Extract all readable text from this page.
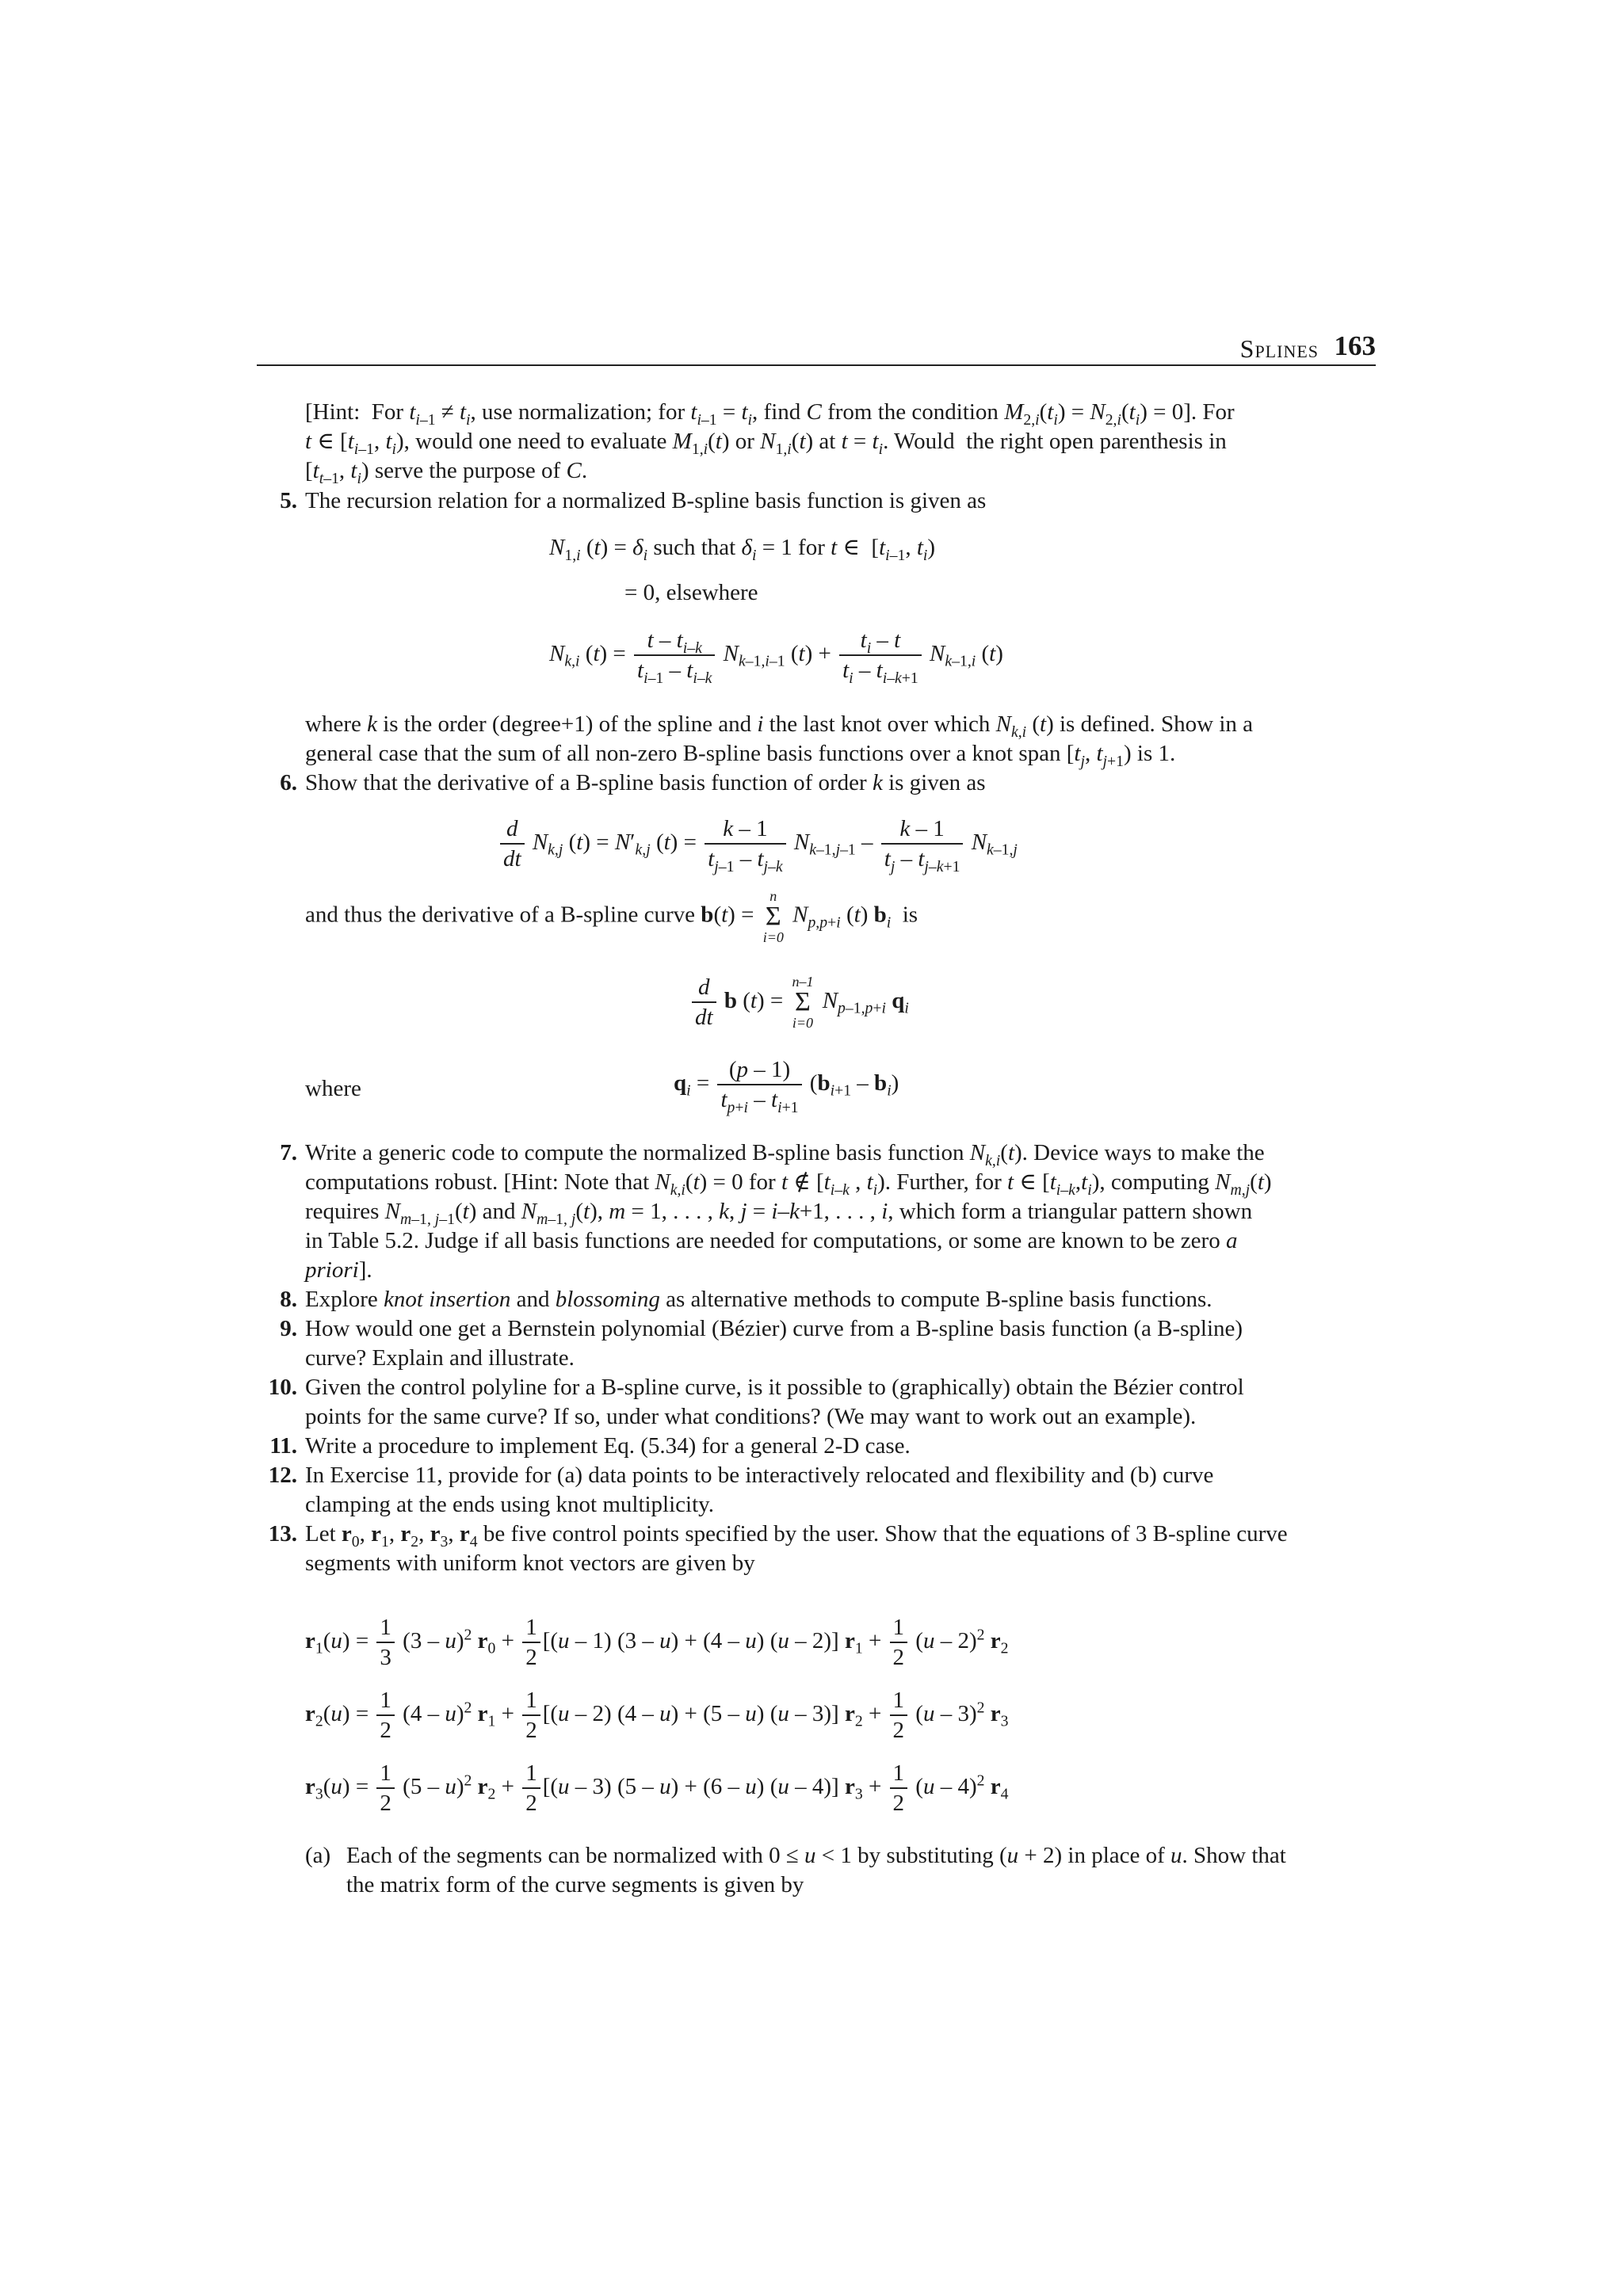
Splines 163
[Hint:  For $t_{i-1} \ne t_i$, use normalization; for $t_{i-1} = t_i$, find C from the condition $M_{2,i}(t_i) = N_{2,i}(t_i) = 0$]. For
t ∈ [$t_{i-1}$, $t_i$), would one need to evaluate $M_{1,i}(t)$ or $N_{1,i}(t)$ at $t = t_i$. Would  the right open parenthesis in
[$t_{t-1}$, $t_i$) serve the purpose of C.
5. The recursion relation for a normalized B-spline basis function is given as
$N_{1,i}$ $(t) = \delta_i$ such that $\delta_i = 1$ for t ∈  [$t_{i-1}$, $t_i$)
= 0, elsewhere
$N_{k,i}$ $(t) = \frac{t - t_{i-k}}{t_{i-1} - t_{i-k}} N_{k-1,i-1}$ $(t) + \frac{t_i - t}{t_i - t_{i-k+1}} N_{k-1,i}$ (t)
where k is the order (degree+1) of the spline and i the last knot over which $N_{k,i}$ (t) is defined. Show in a
general case that the sum of all non-zero B-spline basis functions over a knot span [$t_j$, $t_{j+1}$) is 1.
6. Show that the derivative of a B-spline basis function of order k is given as
$\frac{d}{dt} N_{k,j}$ $(t) = N'_{k,j}$ $(t) = \frac{k - 1}{t_{j-1} - t_{j-k}} N_{k-1,j-1} - \frac{k - 1}{t_j - t_{j-k+1}} N_{k-1,j}$
and thus the derivative of a B-spline curve b(t) =
n
Σ
i=0
$N_{p,p+i}$ (t) $b_i$  is
$\frac{d}{dt}$ b (t) =
n–1
Σ
i=0
$N_{p-1,p+i}$ $q_i$
where	$q_i = \frac{(p - 1)}{t_{p+i} - t_{i+1}} (b_{i+1} - b_i)$
7. Write a generic code to compute the normalized B-spline basis function $N_{k,i}(t)$. Device ways to make the
computations robust. [Hint: Note that $N_{k,i}(t) = 0$ for t ∉ [$t_{i-k}$ , $t_i$). Further, for t ∈ $[t_{i-k},t_i)$, computing $N_{m,j}(t)$
requires $N_{m-1, j-1}(t)$ and $N_{m-1, j}(t)$, m = 1, . . . , k, j = i–k+1, . . . , i, which form a triangular pattern shown
in Table 5.2. Judge if all basis functions are needed for computations, or some are known to be zero a
priori].
8. Explore knot insertion and blossoming as alternative methods to compute B-spline basis functions.
9. How would one get a Bernstein polynomial (Bézier) curve from a B-spline basis function (a B-spline)
curve? Explain and illustrate.
10. Given the control polyline for a B-spline curve, is it possible to (graphically) obtain the Bézier control
points for the same curve? If so, under what conditions? (We may want to work out an example).
11. Write a procedure to implement Eq. (5.34) for a general 2-D case.
12. In Exercise 11, provide for (a) data points to be interactively relocated and flexibility and (b) curve
clamping at the ends using knot multiplicity.
13. Let $r_0$, $r_1$, $r_2$, $r_3$, $r_4$ be five control points specified by the user. Show that the equations of 3 B-spline curve
segments with uniform knot vectors are given by
$r_1(u) = \frac{1}{3} (3 - u)^2$ $r_0 + \frac{1}{2} [(u - 1)$ (3 – u) + (4 – u) (u – 2)] $r_1 + \frac{1}{2} (u - 2)^2$ $r_2$
$r_2(u) = \frac{1}{2} (4 - u)^2$ $r_1 + \frac{1}{2} [(u - 2)$ (4 – u) + (5 – u) (u – 3)] $r_2 + \frac{1}{2} (u - 3)^2$ $r_3$
$r_3(u) = \frac{1}{2} (5 - u)^2$ $r_2 + \frac{1}{2} [(u - 3)$ (5 – u) + (6 – u) (u – 4)] $r_3 + \frac{1}{2} (u - 4)^2$ $r_4$
(a) Each of the segments can be normalized with 0 ≤ u < 1 by substituting (u + 2) in place of u. Show that
the matrix form of the curve segments is given by
